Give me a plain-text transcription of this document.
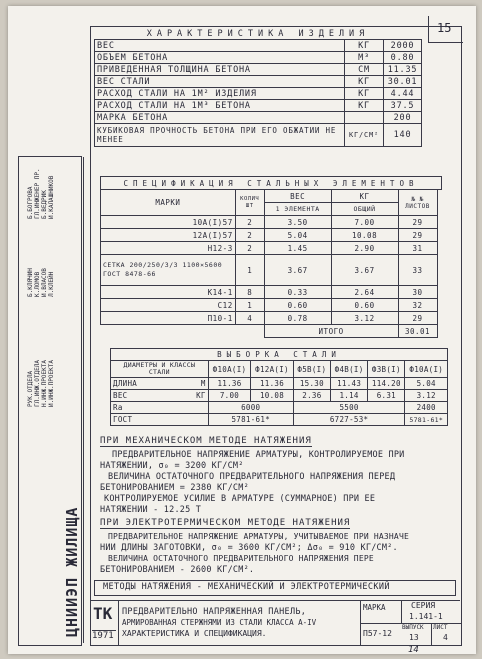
15
ЦНИИЭП ЖИЛИЩА
РУК.ОТДЕЛА ГЛ.ИНЖ.ОТДЕЛА Н.ИНЖ.ПРОЕКТА И.ИНЖ.ПРОЕКТА
Б.КЛЯЧИН К.ЛОМОВ И.ВЛАСОВ Л.КЛЕЙН
Б.БОГРОВА ГЛ.ИНЖЕНЕР ПР. Б.ВЕДРИК И.КАЛАШНИКОВ
ХАРАКТЕРИСТИКА ИЗДЕЛИЯ		
ВЕС	КГ	2000
ОБЪЕМ БЕТОНА	М³	0.80
ПРИВЕДЕННАЯ ТОЛЩИНА БЕТОНА	СМ	11.35
ВЕС СТАЛИ	КГ	30.01
РАСХОД СТАЛИ НА 1М² ИЗДЕЛИЯ	КГ	4.44
РАСХОД СТАЛИ НА 1М³ БЕТОНА	КГ	37.5
МАРКА БЕТОНА		200
КУБИКОВАЯ ПРОЧНОСТЬ БЕТОНА ПРИ ЕГО ОБЖАТИИ НЕ МЕНЕЕ	КГ/СМ²	140
СПЕЦИФИКАЦИЯ СТАЛЬНЫХ ЭЛЕМЕНТОВ					
МАРКИ	КОЛИЧ ШТ	ВЕС	КГ	№ № ЛИСТОВ	
		1 ЭЛЕМЕНТА	ОБЩИЙ		
10А(I)57	2	3.50	7.00	29	
12А(I)57	2	5.04	10.08	29	
Н12-3	2	1.45	2.90	31	
СЕТКА 200/250/3/3 1100×5600 ГОСТ 8478-66	1	3.67	3.67	33	
К14-1	8	0.33	2.64	30	
С12	1	0.60	0.60	32	
П10-1	4	0.78	3.12	29	
		ИТОГО		30.01	
ВЫБОРКА СТАЛИ							
ДИАМЕТРЫ И КЛАССЫ СТАЛИ		Ф10А(I)	Ф12А(I)	Ф5В(I)	Ф4В(I)	Ф3В(I)	Ф10А(I)
ДЛИНА	М	11.36	11.36	15.30	11.43	114.20	5.04
ВЕС	КГ	7.00	10.08	2.36	1.14	6.31	3.12
Rа		6000		5500			2400
ГОСТ		5781-61*		6727-53*			5781-61*
ПРИ МЕХАНИЧЕСКОМ МЕТОДЕ НАТЯЖЕНИЯ
ПРЕДВАРИТЕЛЬНОЕ НАПРЯЖЕНИЕ АРМАТУРЫ, КОНТРОЛИРУЕМОЕ ПРИ
НАТЯЖЕНИИ, σ₀ = 3200 КГ/СМ²
ВЕЛИЧИНА ОСТАТОЧНОГО ПРЕДВАРИТЕЛЬНОГО НАПРЯЖЕНИЯ ПЕРЕД
БЕТОНИРОВАНИЕМ = 2380 КГ/СМ²
КОНТРОЛИРУЕМОЕ УСИЛИЕ В АРМАТУРЕ (СУММАРНОЕ) ПРИ ЕЕ
НАТЯЖЕНИИ - 12.25 Т
ПРИ ЭЛЕКТРОТЕРМИЧЕСКОМ МЕТОДЕ НАТЯЖЕНИЯ
ПРЕДВАРИТЕЛЬНОЕ НАПРЯЖЕНИЕ АРМАТУРЫ, УЧИТЫВАЕМОЕ ПРИ НАЗНАЧЕ
НИИ ДЛИНЫ ЗАГОТОВКИ, σ₀ = 3600 КГ/СМ²; Δσ₀ = 910 КГ/СМ².
ВЕЛИЧИНА ОСТАТОЧНОГО ПРЕДВАРИТЕЛЬНОГО НАПРЯЖЕНИЯ ПЕРЕ
БЕТОНИРОВАНИЕМ - 2600 КГ/СМ².
МЕТОДЫ НАТЯЖЕНИЯ - МЕХАНИЧЕСКИЙ И ЭЛЕКТРОТЕРМИЧЕСКИЙ
ТК
1971
ПРЕДВАРИТЕЛЬНО НАПРЯЖЕННАЯ ПАНЕЛЬ,
АРМИРОВАННАЯ СТЕРЖНЯМИ ИЗ СТАЛИ КЛАССА А-IV
ХАРАКТЕРИСТИКА И СПЕЦИФИКАЦИЯ.
МАРКА
П57-12
СЕРИЯ
1.141-1
ВЫПУСК
13
ЛИСТ
4
14
